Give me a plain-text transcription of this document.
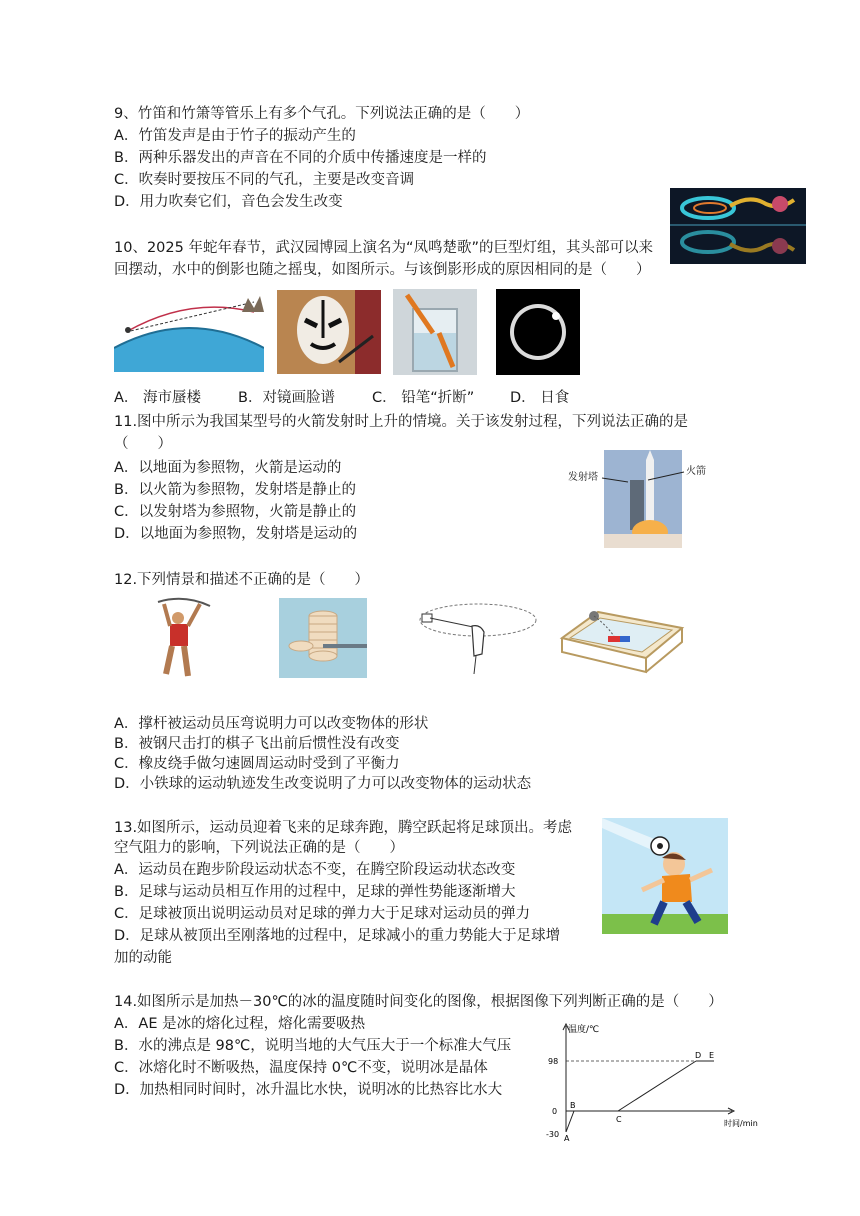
9、竹笛和竹箫等管乐上有多个气孔。下列说法正确的是（　　）
A．竹笛发声是由于竹子的振动产生的
B．两种乐器发出的声音在不同的介质中传播速度是一样的
C．吹奏时要按压不同的气孔，主要是改变音调
D．用力吹奏它们，音色会发生改变
10、2025 年蛇年春节，武汉园博园上演名为“凤鸣楚歌”的巨型灯组，其头部可以来
回摆动，水中的倒影也随之摇曳，如图所示。与该倒影形成的原因相同的是（　　）
A． 海市蜃楼	B．对镜画脸谱	C． 铅笔“折断” D． 日食
11.图中所示为我国某型号的火箭发射时上升的情境。关于该发射过程，下列说法正确的是
（　　）
A．以地面为参照物，火箭是运动的
B．以火箭为参照物，发射塔是静止的
C．以发射塔为参照物，火箭是静止的
D．以地面为参照物，发射塔是运动的
发射塔
火箭
12.下列情景和描述不正确的是（　　）
A．撑杆被运动员压弯说明力可以改变物体的形状
B．被钢尺击打的棋子飞出前后惯性没有改变
C．橡皮绕手做匀速圆周运动时受到了平衡力
D．小铁球的运动轨迹发生改变说明了力可以改变物体的运动状态
13.如图所示，运动员迎着飞来的足球奔跑，腾空跃起将足球顶出。考虑
空气阻力的影响，下列说法正确的是（　　）
A．运动员在跑步阶段运动状态不变，在腾空阶段运动状态改变
B．足球与运动员相互作用的过程中，足球的弹性势能逐渐增大
C．足球被顶出说明运动员对足球的弹力大于足球对运动员的弹力
D．足球从被顶出至刚落地的过程中，足球减小的重力势能大于足球增
加的动能
14.如图所示是加热－30℃的冰的温度随时间变化的图像，根据图像下列判断正确的是（　　）
A．AE 是冰的熔化过程，熔化需要吸热
B．水的沸点是 98℃，说明当地的大气压大于一个标准大气压
C．冰熔化时不断吸热，温度保持 0℃不变，说明冰是晶体
D．加热相同时间时，冰升温比水快，说明冰的比热容比水大
温度/℃
时间/min
98
0
-30 A
B
C
D E
